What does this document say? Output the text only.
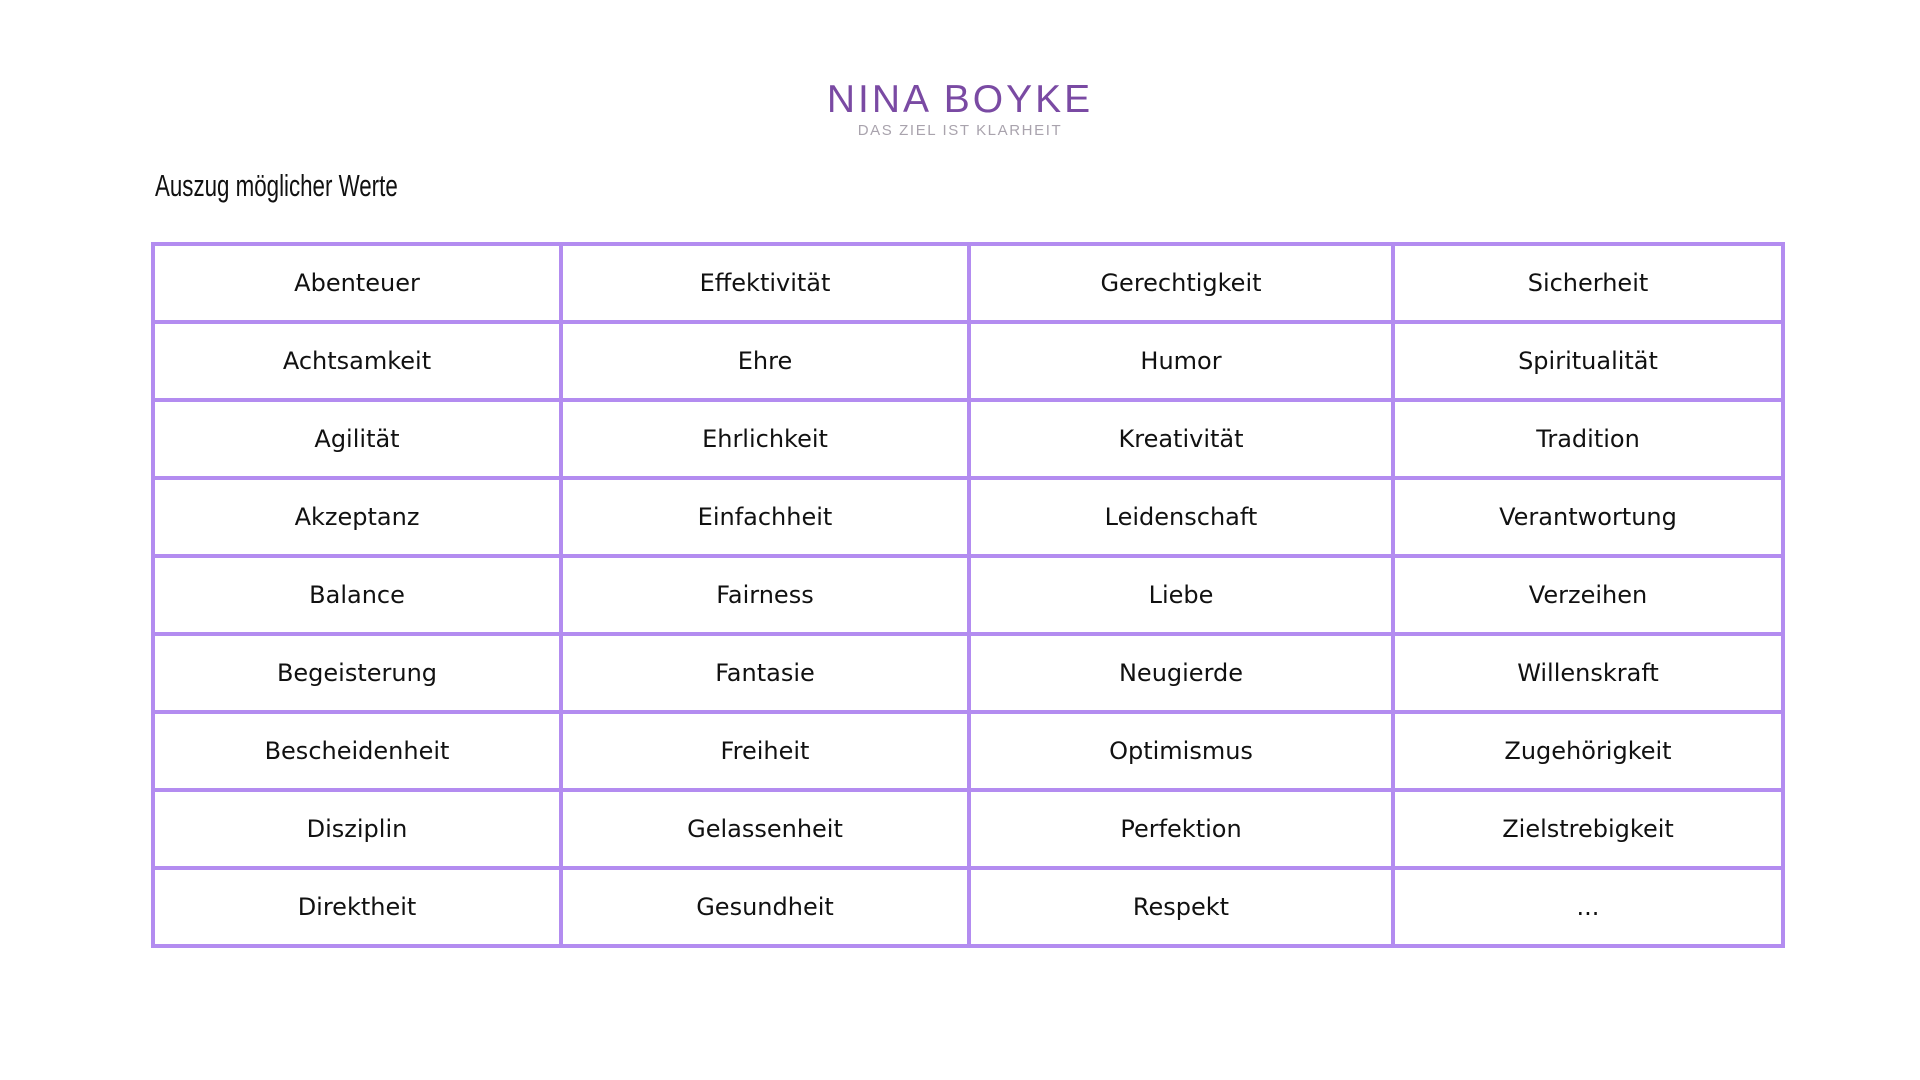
NINA BOYKE
DAS ZIEL IST KLARHEIT
Auszug möglicher Werte
Abenteuer	Effektivität	Gerechtigkeit	Sicherheit
Achtsamkeit	Ehre	Humor	Spiritualität
Agilität	Ehrlichkeit	Kreativität	Tradition
Akzeptanz	Einfachheit	Leidenschaft	Verantwortung
Balance	Fairness	Liebe	Verzeihen
Begeisterung	Fantasie	Neugierde	Willenskraft
Bescheidenheit	Freiheit	Optimismus	Zugehörigkeit
Disziplin	Gelassenheit	Perfektion	Zielstrebigkeit
Direktheit	Gesundheit	Respekt	...
